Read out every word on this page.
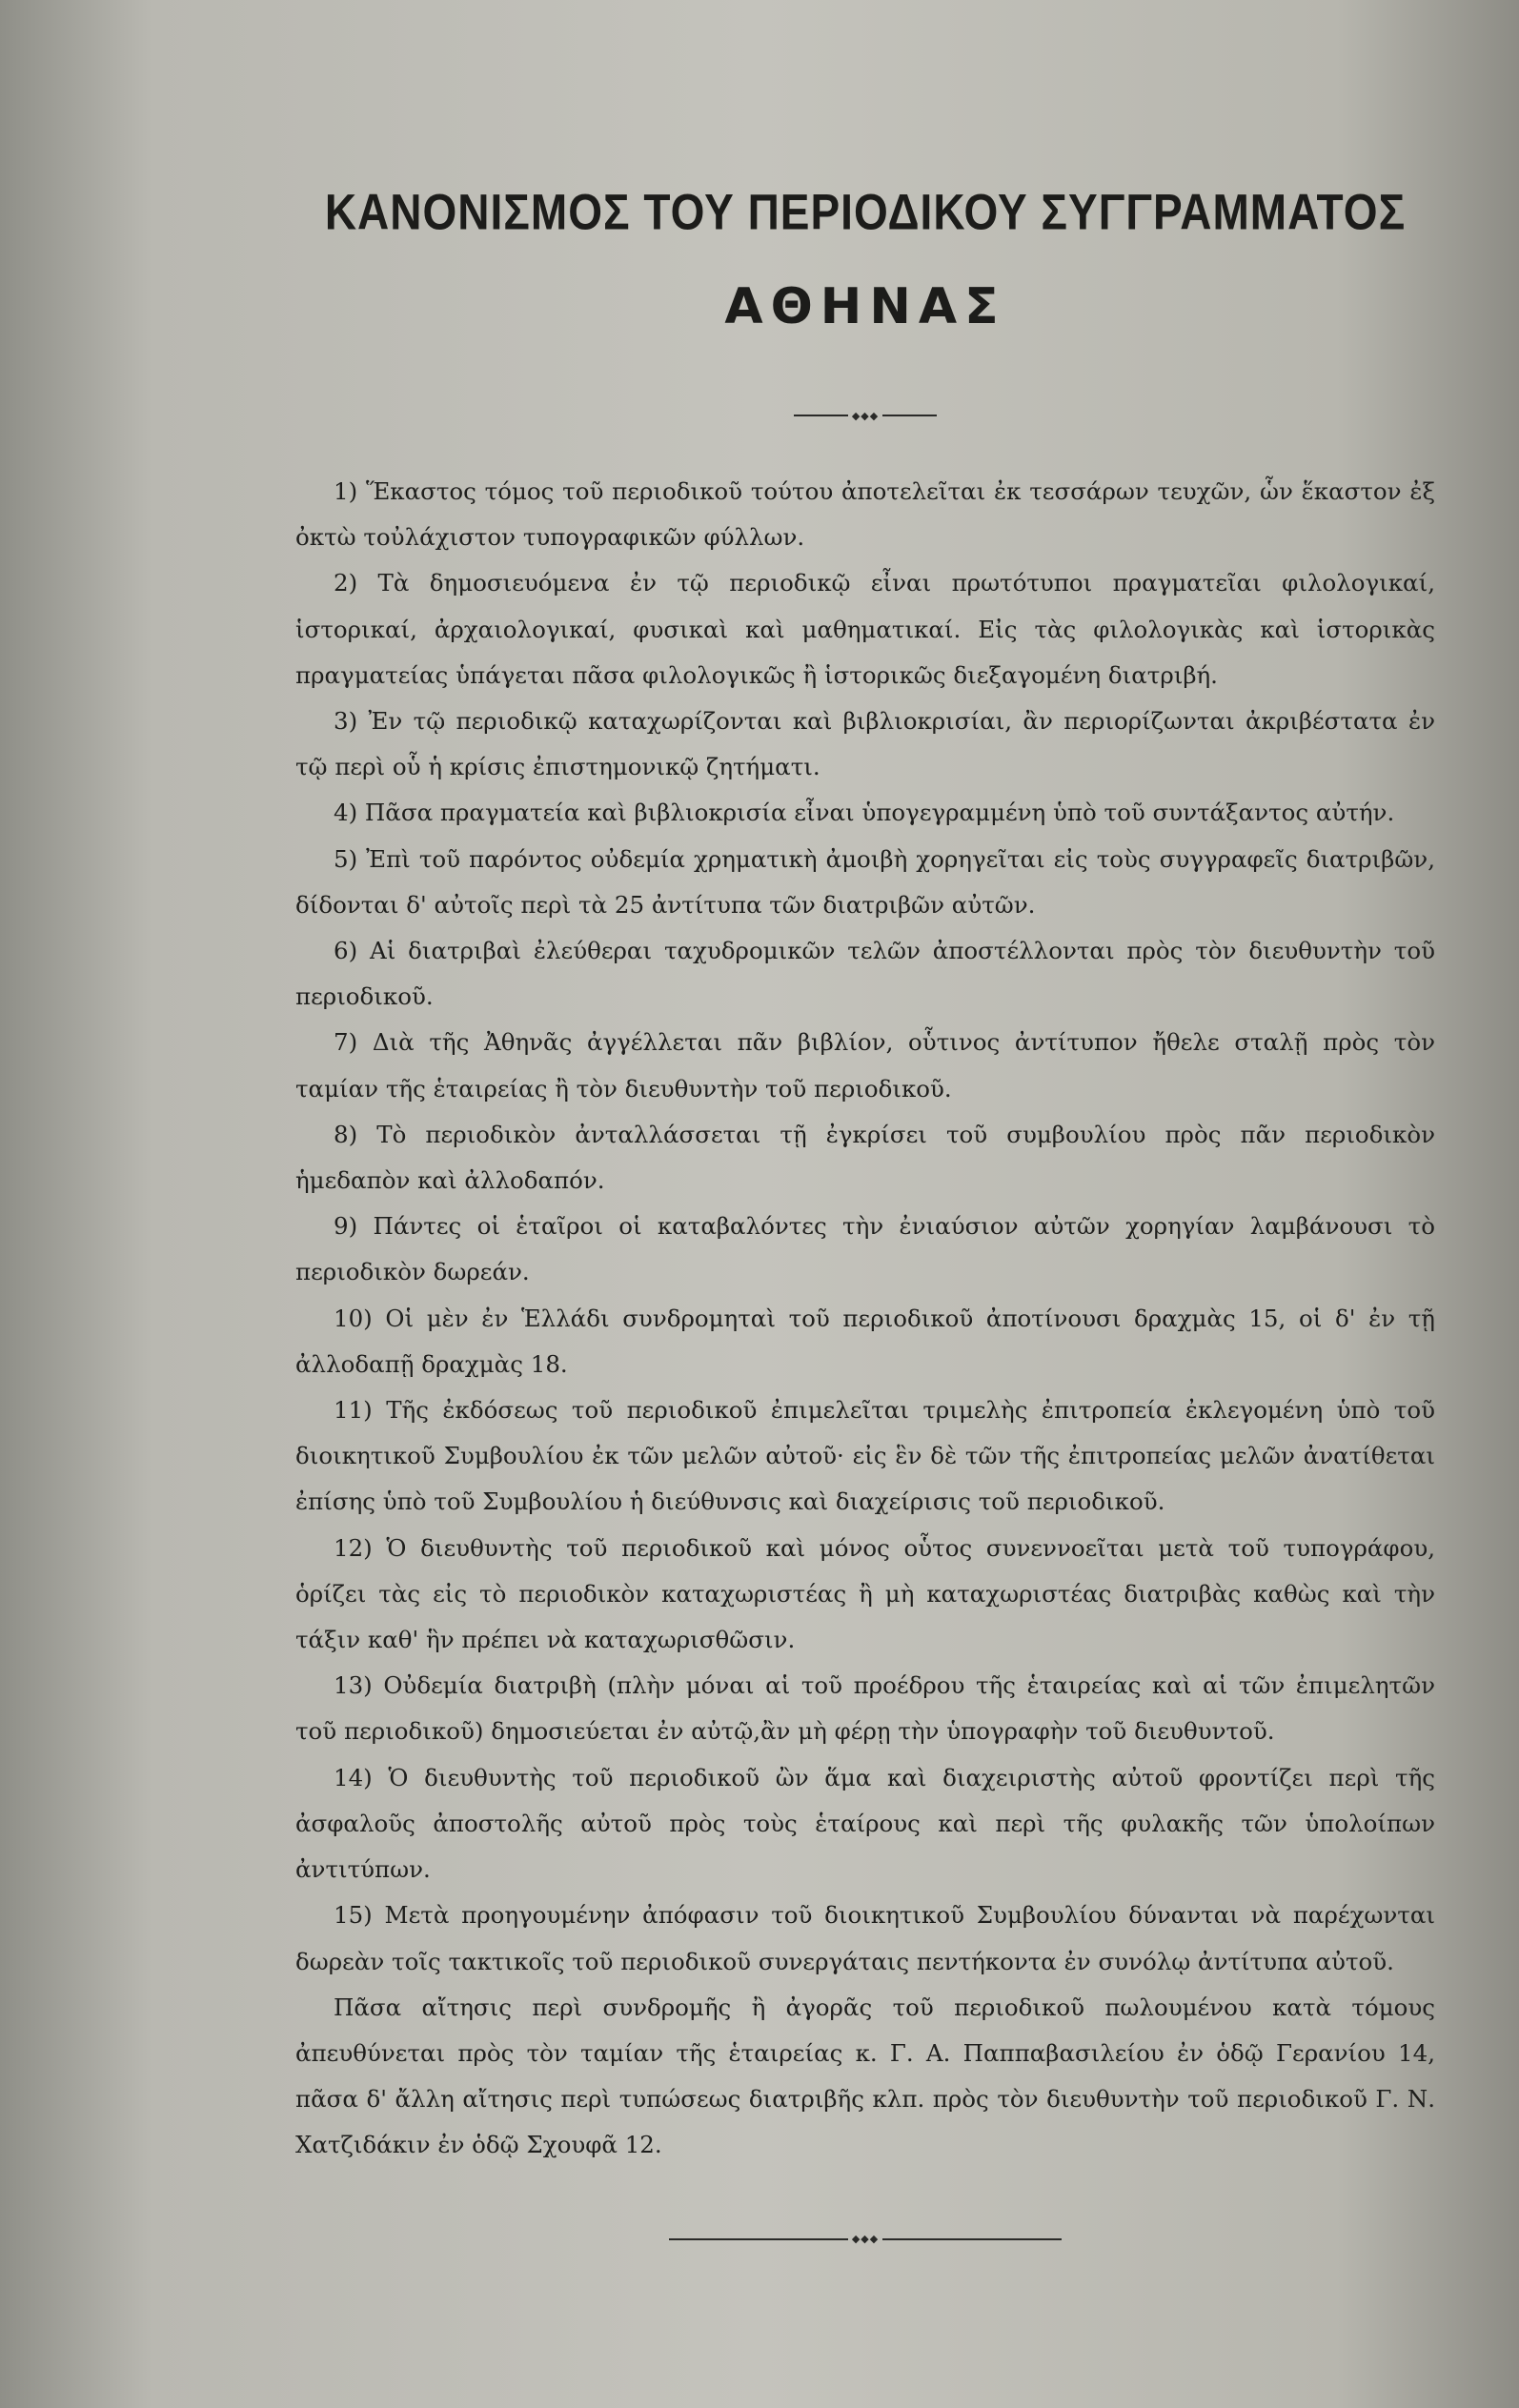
ΚΑΝΟΝΙΣΜΟΣ ΤΟΥ ΠΕΡΙΟΔΙΚΟΥ ΣΥΓΓΡΑΜΜΑΤΟΣ
ΑΘΗΝΑΣ
◆◆◆

1) Ἕκαστος τόμος τοῦ περιοδικοῦ τούτου ἀποτελεῖται ἐκ τεσσάρων τευχῶν, ὧν ἕκαστον ἐξ ὀκτὼ τοὐλάχιστον τυπογραφικῶν φύλλων.

2) Τὰ δημοσιευόμενα ἐν τῷ περιοδικῷ εἶναι πρωτότυποι πραγματεῖαι φιλολογικαί, ἱστορικαί, ἀρχαιολογικαί, φυσικαὶ καὶ μαθηματικαί. Εἰς τὰς φιλολογικὰς καὶ ἱστορικὰς πραγματείας ὑπάγεται πᾶσα φιλολογικῶς ἢ ἱστορικῶς διεξαγομένη διατριβή.

3) Ἐν τῷ περιοδικῷ καταχωρίζονται καὶ βιβλιοκρισίαι, ἂν περιορίζωνται ἀκριβέστατα ἐν τῷ περὶ οὗ ἡ κρίσις ἐπιστημονικῷ ζητήματι.

4) Πᾶσα πραγματεία καὶ βιβλιοκρισία εἶναι ὑπογεγραμμένη ὑπὸ τοῦ συντάξαντος αὐτήν.

5) Ἐπὶ τοῦ παρόντος οὐδεμία χρηματικὴ ἀμοιβὴ χορηγεῖται εἰς τοὺς συγγραφεῖς διατριβῶν, δίδονται δ' αὐτοῖς περὶ τὰ 25 ἀντίτυπα τῶν διατριβῶν αὐτῶν.

6) Αἱ διατριβαὶ ἐλεύθεραι ταχυδρομικῶν τελῶν ἀποστέλλονται πρὸς τὸν διευθυντὴν τοῦ περιοδικοῦ.

7) Διὰ τῆς Ἀθηνᾶς ἀγγέλλεται πᾶν βιβλίον, οὗτινος ἀντίτυπον ἤθελε σταλῇ πρὸς τὸν ταμίαν τῆς ἑταιρείας ἢ τὸν διευθυντὴν τοῦ περιοδικοῦ.

8) Τὸ περιοδικὸν ἀνταλλάσσεται τῇ ἐγκρίσει τοῦ συμβουλίου πρὸς πᾶν περιοδικὸν ἡμεδαπὸν καὶ ἀλλοδαπόν.

9) Πάντες οἱ ἑταῖροι οἱ καταβαλόντες τὴν ἐνιαύσιον αὐτῶν χορηγίαν λαμβάνουσι τὸ περιοδικὸν δωρεάν.

10) Οἱ μὲν ἐν Ἑλλάδι συνδρομηταὶ τοῦ περιοδικοῦ ἀποτίνουσι δραχμὰς 15, οἱ δ' ἐν τῇ ἀλλοδαπῇ δραχμὰς 18.

11) Τῆς ἐκδόσεως τοῦ περιοδικοῦ ἐπιμελεῖται τριμελὴς ἐπιτροπεία ἐκλεγομένη ὑπὸ τοῦ διοικητικοῦ Συμβουλίου ἐκ τῶν μελῶν αὐτοῦ· εἰς ἓν δὲ τῶν τῆς ἐπιτροπείας μελῶν ἀνατίθεται ἐπίσης ὑπὸ τοῦ Συμβουλίου ἡ διεύθυνσις καὶ διαχείρισις τοῦ περιοδικοῦ.

12) Ὁ διευθυντὴς τοῦ περιοδικοῦ καὶ μόνος οὗτος συνεννοεῖται μετὰ τοῦ τυπογράφου, ὁρίζει τὰς εἰς τὸ περιοδικὸν καταχωριστέας ἢ μὴ καταχωριστέας διατριβὰς καθὼς καὶ τὴν τάξιν καθ' ἣν πρέπει νὰ καταχωρισθῶσιν.

13) Οὐδεμία διατριβὴ (πλὴν μόναι αἱ τοῦ προέδρου τῆς ἑταιρείας καὶ αἱ τῶν ἐπιμελητῶν τοῦ περιοδικοῦ) δημοσιεύεται ἐν αὐτῷ,ἂν μὴ φέρῃ τὴν ὑπογραφὴν τοῦ διευθυντοῦ.

14) Ὁ διευθυντὴς τοῦ περιοδικοῦ ὢν ἅμα καὶ διαχειριστὴς αὐτοῦ φροντίζει περὶ τῆς ἀσφαλοῦς ἀποστολῆς αὐτοῦ πρὸς τοὺς ἑταίρους καὶ περὶ τῆς φυλακῆς τῶν ὑπολοίπων ἀντιτύπων.

15) Μετὰ προηγουμένην ἀπόφασιν τοῦ διοικητικοῦ Συμβουλίου δύνανται νὰ παρέχωνται δωρεὰν τοῖς τακτικοῖς τοῦ περιοδικοῦ συνεργάταις πεντήκοντα ἐν συνόλῳ ἀντίτυπα αὐτοῦ.

Πᾶσα αἴτησις περὶ συνδρομῆς ἢ ἀγορᾶς τοῦ περιοδικοῦ πωλουμένου κατὰ τόμους ἀπευθύνεται πρὸς τὸν ταμίαν τῆς ἑταιρείας κ. Γ. Α. Παππαβασιλείου ἐν ὁδῷ Γερανίου 14, πᾶσα δ' ἄλλη αἴτησις περὶ τυπώσεως διατριβῆς κλπ. πρὸς τὸν διευθυντὴν τοῦ περιοδικοῦ Γ. Ν. Χατζιδάκιν ἐν ὁδῷ Σχουφᾶ 12.

◆◆◆
